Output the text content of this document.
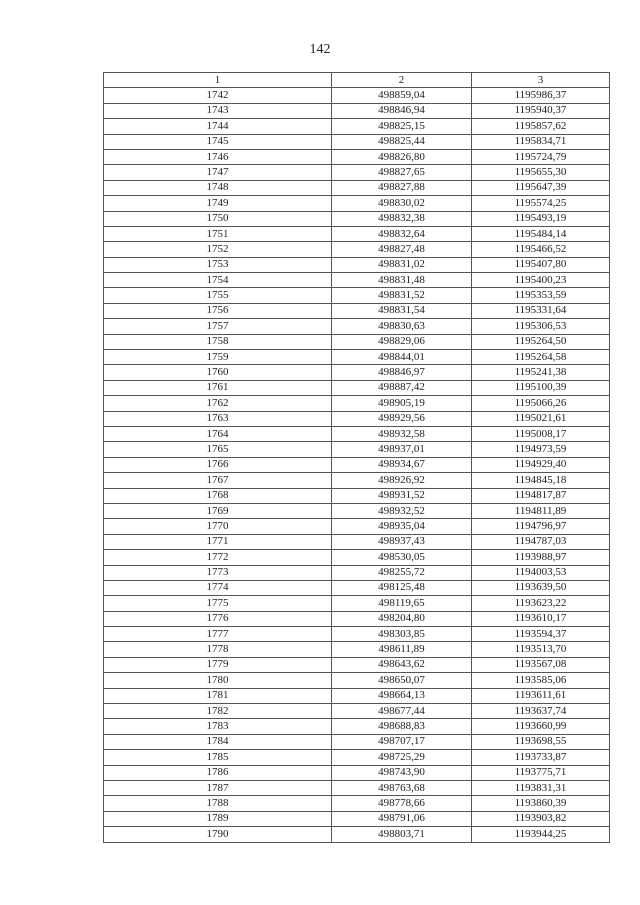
142
1	2	3
1742	498859,04	1195986,37
1743	498846,94	1195940,37
1744	498825,15	1195857,62
1745	498825,44	1195834,71
1746	498826,80	1195724,79
1747	498827,65	1195655,30
1748	498827,88	1195647,39
1749	498830,02	1195574,25
1750	498832,38	1195493,19
1751	498832,64	1195484,14
1752	498827,48	1195466,52
1753	498831,02	1195407,80
1754	498831,48	1195400,23
1755	498831,52	1195353,59
1756	498831,54	1195331,64
1757	498830,63	1195306,53
1758	498829,06	1195264,50
1759	498844,01	1195264,58
1760	498846,97	1195241,38
1761	498887,42	1195100,39
1762	498905,19	1195066,26
1763	498929,56	1195021,61
1764	498932,58	1195008,17
1765	498937,01	1194973,59
1766	498934,67	1194929,40
1767	498926,92	1194845,18
1768	498931,52	1194817,87
1769	498932,52	1194811,89
1770	498935,04	1194796,97
1771	498937,43	1194787,03
1772	498530,05	1193988,97
1773	498255,72	1194003,53
1774	498125,48	1193639,50
1775	498119,65	1193623,22
1776	498204,80	1193610,17
1777	498303,85	1193594,37
1778	498611,89	1193513,70
1779	498643,62	1193567,08
1780	498650,07	1193585,06
1781	498664,13	1193611,61
1782	498677,44	1193637,74
1783	498688,83	1193660,99
1784	498707,17	1193698,55
1785	498725,29	1193733,87
1786	498743,90	1193775,71
1787	498763,68	1193831,31
1788	498778,66	1193860,39
1789	498791,06	1193903,82
1790	498803,71	1193944,25
